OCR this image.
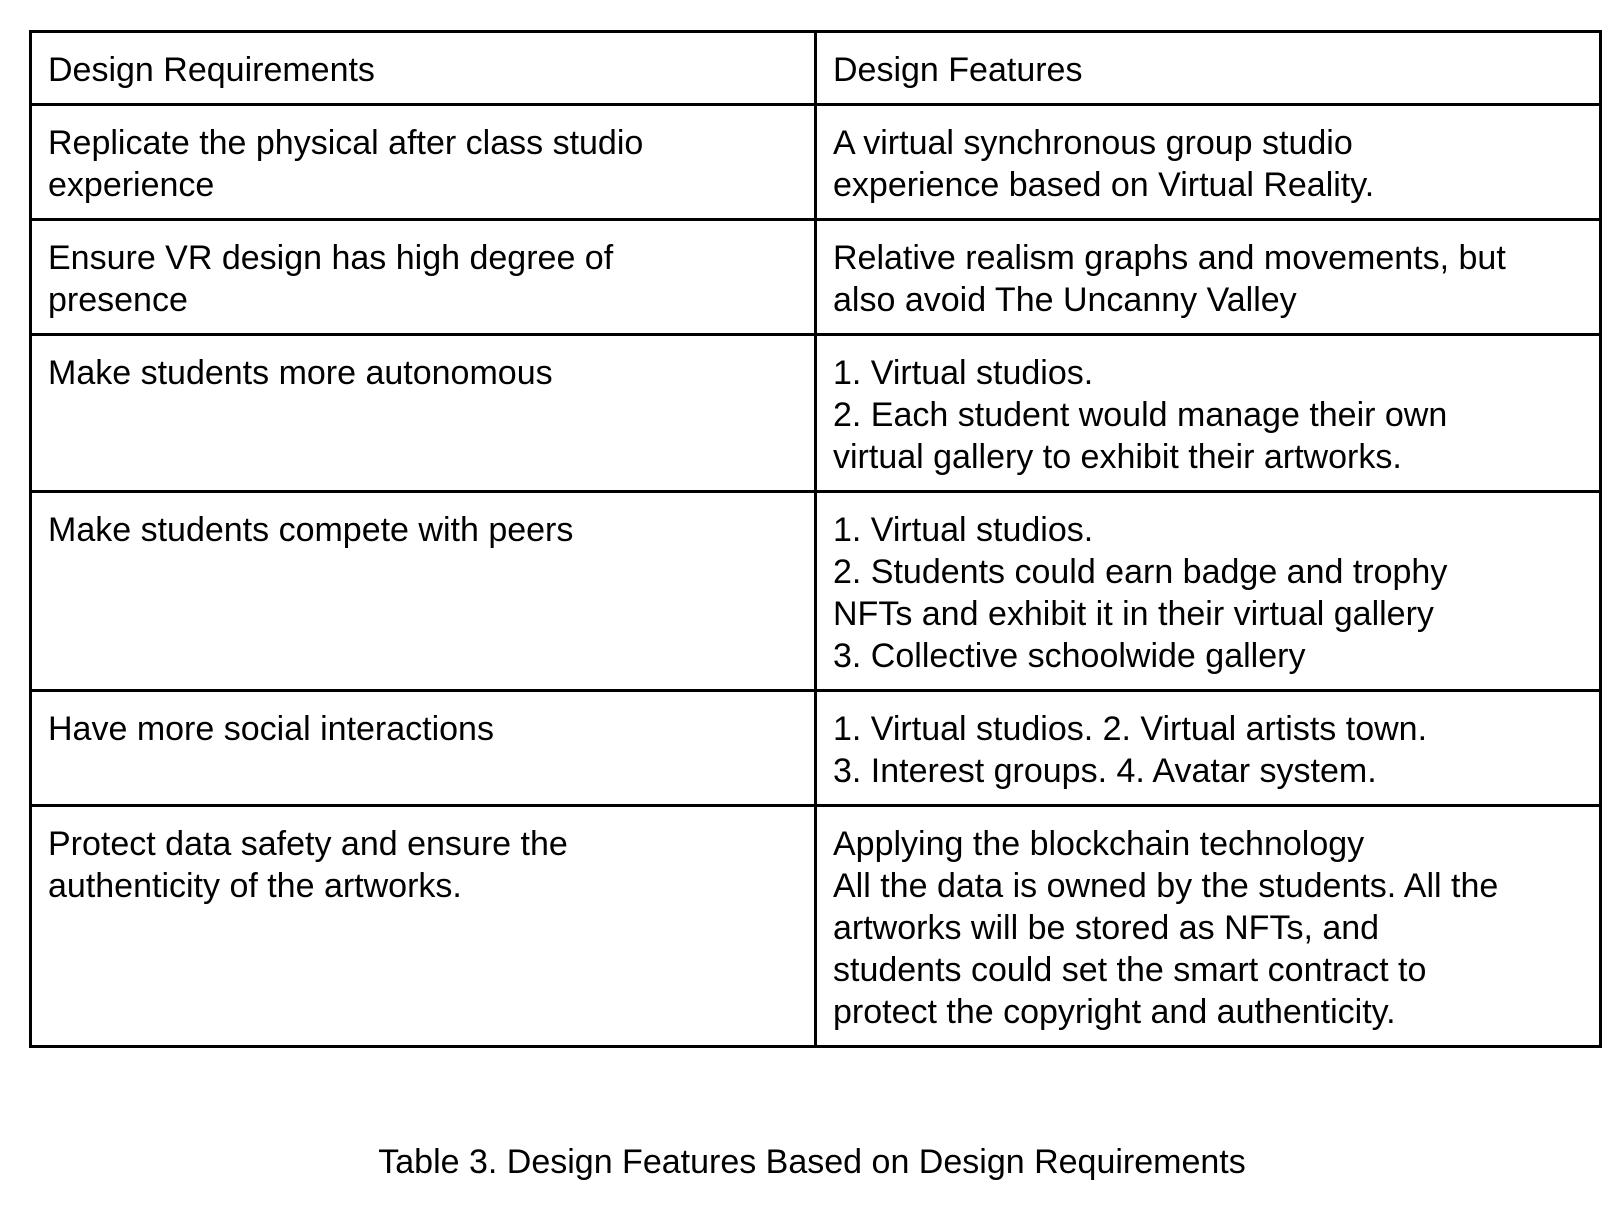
Design Requirements	Design Features

Replicate the physical after class studio
experience	A virtual synchronous group studio
experience based on Virtual Reality.

Ensure VR design has high degree of
presence	Relative realism graphs and movements, but
also avoid The Uncanny Valley

Make students more autonomous	1. Virtual studios.
2. Each student would manage their own
virtual gallery to exhibit their artworks.

Make students compete with peers	1. Virtual studios.
2. Students could earn badge and trophy
NFTs and exhibit it in their virtual gallery
3. Collective schoolwide gallery

Have more social interactions	1. Virtual studios. 2. Virtual artists town.
3. Interest groups. 4. Avatar system.

Protect data safety and ensure the
authenticity of the artworks.	Applying the blockchain technology
All the data is owned by the students. All the
artworks will be stored as NFTs, and
students could set the smart contract to
protect the copyright and authenticity.
Table 3. Design Features Based on Design Requirements
